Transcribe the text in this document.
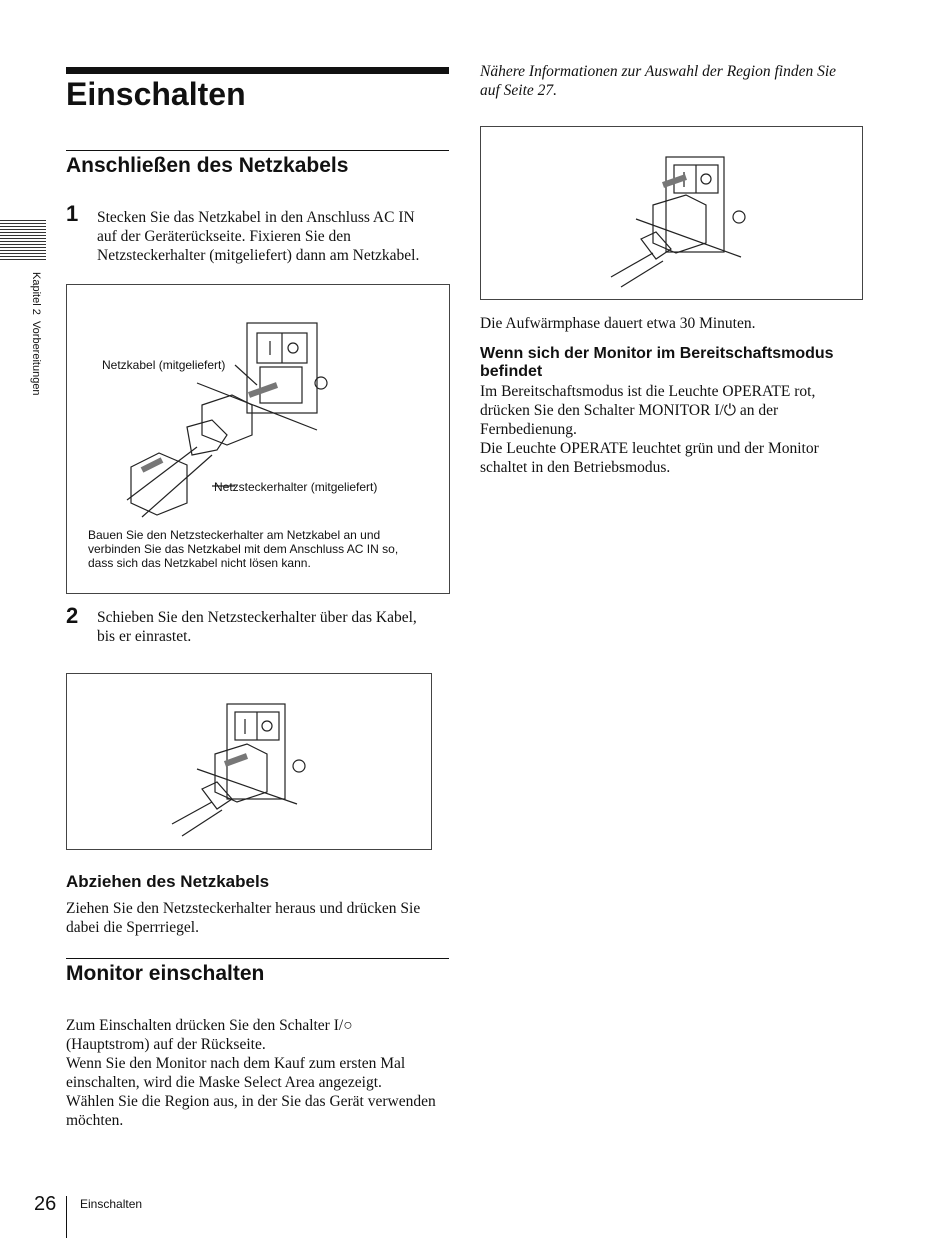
Kapitel 2  Vorbereitungen
Einschalten
Anschließen des Netzkabels
1 Stecken Sie das Netzkabel in den Anschluss AC IN
auf der Geräterückseite. Fixieren Sie den
Netzsteckerhalter (mitgeliefert) dann am Netzkabel.
Netzkabel (mitgeliefert)
Netzsteckerhalter (mitgeliefert)
Bauen Sie den Netzsteckerhalter am Netzkabel an und
verbinden Sie das Netzkabel mit dem Anschluss AC IN so,
dass sich das Netzkabel nicht lösen kann.
2 Schieben Sie den Netzsteckerhalter über das Kabel,
bis er einrastet.
Abziehen des Netzkabels
Ziehen Sie den Netzsteckerhalter heraus und drücken Sie
dabei die Sperrriegel.
Monitor einschalten
Zum Einschalten drücken Sie den Schalter I/○
(Hauptstrom) auf der Rückseite.
Wenn Sie den Monitor nach dem Kauf zum ersten Mal
einschalten, wird die Maske Select Area angezeigt.
Wählen Sie die Region aus, in der Sie das Gerät verwenden
möchten.
Nähere Informationen zur Auswahl der Region finden Sie
auf Seite 27.
Die Aufwärmphase dauert etwa 30 Minuten.
Wenn sich der Monitor im Bereitschaftsmodus
befindet
Im Bereitschaftsmodus ist die Leuchte OPERATE rot,
drücken Sie den Schalter MONITOR I/⏻ an der
Fernbedienung.
Die Leuchte OPERATE leuchtet grün und der Monitor
schaltet in den Betriebsmodus.
26 Einschalten
